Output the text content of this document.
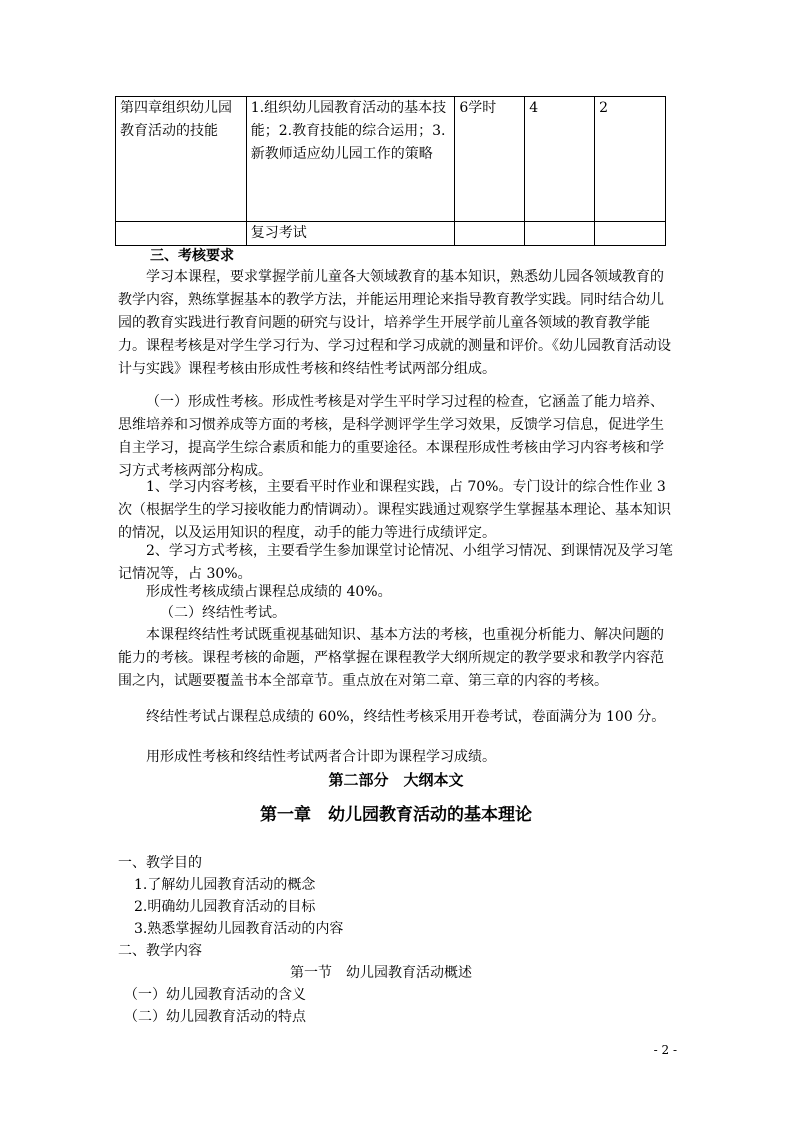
第四章组织幼儿园教育活动的技能	1.组织幼儿园教育活动的基本技能；2.教育技能的综合运用；3.新教师适应幼儿园工作的策略	6学时	4	2
	复习考试			

三、考核要求

学习本课程，要求掌握学前儿童各大领域教育的基本知识，熟悉幼儿园各领域教育的教学内容，熟练掌握基本的教学方法，并能运用理论来指导教育教学实践。同时结合幼儿园的教育实践进行教育问题的研究与设计，培养学生开展学前儿童各领域的教育教学能力。课程考核是对学生学习行为、学习过程和学习成就的测量和评价。《幼儿园教育活动设计与实践》课程考核由形成性考核和终结性考试两部分组成。

（一）形成性考核。形成性考核是对学生平时学习过程的检查，它涵盖了能力培养、思维培养和习惯养成等方面的考核，是科学测评学生学习效果，反馈学习信息，促进学生自主学习，提高学生综合素质和能力的重要途径。本课程形成性考核由学习内容考核和学习方式考核两部分构成。

1、学习内容考核，主要看平时作业和课程实践，占 70%。专门设计的综合性作业 3 次（根据学生的学习接收能力酌情调动）。课程实践通过观察学生掌握基本理论、基本知识的情况，以及运用知识的程度，动手的能力等进行成绩评定。

2、学习方式考核，主要看学生参加课堂讨论情况、小组学习情况、到课情况及学习笔记情况等，占 30%。

形成性考核成绩占课程总成绩的 40%。

（二）终结性考试。

本课程终结性考试既重视基础知识、基本方法的考核，也重视分析能力、解决问题的能力的考核。课程考核的命题，严格掌握在课程教学大纲所规定的教学要求和教学内容范围之内，试题要覆盖书本全部章节。重点放在对第二章、第三章的内容的考核。

终结性考试占课程总成绩的 60%，终结性考核采用开卷考试，卷面满分为 100 分。

用形成性考核和终结性考试两者合计即为课程学习成绩。

第二部分　大纲本文

第一章　幼儿园教育活动的基本理论

一、教学目的
1.了解幼儿园教育活动的概念
2.明确幼儿园教育活动的目标
3.熟悉掌握幼儿园教育活动的内容
二、教学内容
第一节　幼儿园教育活动概述
（一）幼儿园教育活动的含义
（二）幼儿园教育活动的特点
- 2 -
